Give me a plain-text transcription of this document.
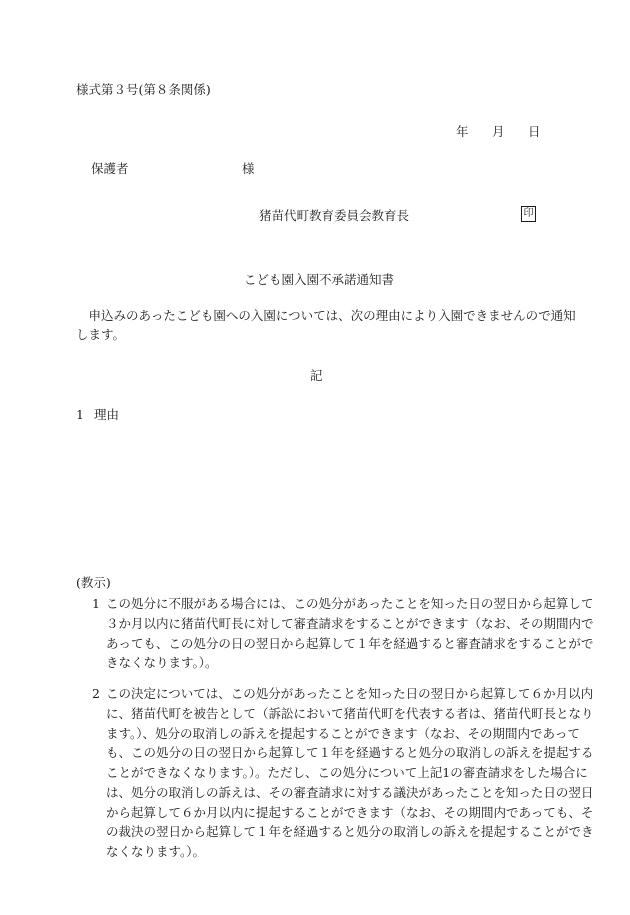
様式第３号(第８条関係)
年 月 日
保護者	様
猪苗代町教育委員会教育長	印
こども園入園不承諾通知書
申込みのあったこども園への入園については、次の理由により入園できませんので通知します。
記
1 理由
(教示)
1 この処分に不服がある場合には、この処分があったことを知った日の翌日から起算して３か月以内に猪苗代町長に対して審査請求をすることができます（なお、その期間内であっても、この処分の日の翌日から起算して１年を経過すると審査請求をすることができなくなります。）。
2 この決定については、この処分があったことを知った日の翌日から起算して６か月以内に、猪苗代町を被告として（訴訟において猪苗代町を代表する者は、猪苗代町長となります。）、処分の取消しの訴えを提起することができます（なお、その期間内であっても、この処分の日の翌日から起算して１年を経過すると処分の取消しの訴えを提起することができなくなります。）。ただし、この処分について上記1の審査請求をした場合には、処分の取消しの訴えは、その審査請求に対する議決があったことを知った日の翌日から起算して６か月以内に提起することができます（なお、その期間内であっても、その裁決の翌日から起算して１年を経過すると処分の取消しの訴えを提起することができなくなります。）。
